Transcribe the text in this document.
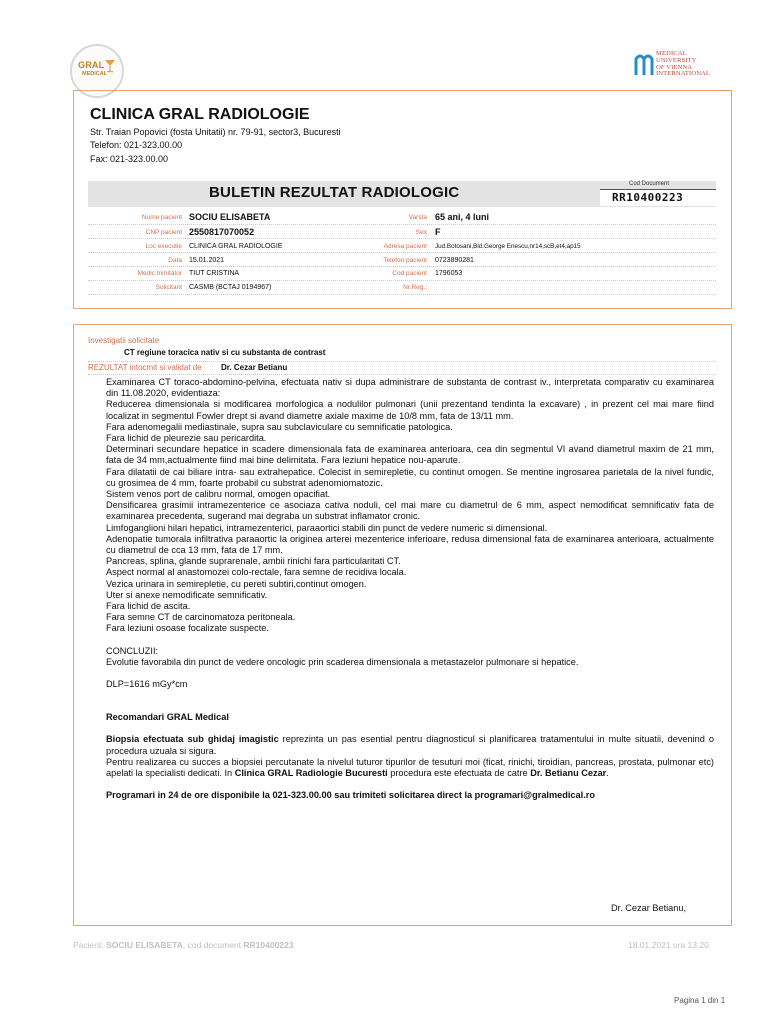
GRAL
MEDICAL
MEDICAL
UNIVERSITY
OF VIENNA
INTERNATIONAL
CLINICA GRAL RADIOLOGIE
Str. Traian Popovici (fosta Unitatii) nr. 79-91, sector3, Bucuresti
Telefon: 021-323.00.00
Fax: 021-323.00.00
BULETIN REZULTAT RADIOLOGIC	Cod Document
RR10400223
Nume pacient SOCIU ELISABETA	Varsta 65 ani, 4 luni
CNP pacient 2550817070052	Sex F
Loc executie CLINICA GRAL RADIOLOGIE	Adresa pacient Jud.Botosani,Bld.George Enescu,nr14,scB,et4,ap15
Data 15.01.2021	Telefon pacient 0723890281
Medic trimitator TIUT CRISTINA	Cod pacient 1796053
Solicitant CASMB (BCTAJ 0194967)	Nr.Reg.:
Investigatii solicitate
CT regiune toracica nativ si cu substanta de contrast
REZULTAT intocmit si validat de Dr. Cezar Betianu

Examinarea CT toraco-abdomino-pelvina, efectuata nativ si dupa administrare de substanta de contrast iv., interpretata comparativ cu examinarea din 11.08.2020, evidentiaza:

Reducerea dimensionala si modificarea morfologica a nodulilor pulmonari (unii prezentand tendinta la excavare) , in prezent cel mai mare fiind localizat in segmentul Fowler drept si avand diametre axiale maxime de 10/8 mm, fata de 13/11 mm.

Fara adenomegalii mediastinale, supra sau subclaviculare cu semnificatie patologica.

Fara lichid de pleurezie sau pericardita.

Determinari secundare hepatice in scadere dimensionala fata de examinarea anterioara, cea din segmentul VI avand diametrul maxim de 21 mm, fata de 34 mm,actualmente fiind mai bine delimitata. Fara leziuni hepatice nou-aparute.

Fara dilatatii de cai biliare intra- sau extrahepatice. Colecist in semirepletie, cu continut omogen. Se mentine ingrosarea parietala de la nivel fundic, cu grosimea de 4 mm, foarte probabil cu substrat adenomiomatozic.

Sistem venos port de calibru normal, omogen opacifiat.

Densificarea grasimii intramezenterice ce asociaza cativa noduli, cel mai mare cu diametrul de 6 mm, aspect nemodificat semnificativ fata de examinarea precedenta, sugerand mai degraba un substrat inflamator cronic.

Limfoganglioni hilari hepatici, intramezenterici, paraaortici stabili din punct de vedere numeric si dimensional.

Adenopatie tumorala infiltrativa paraaortic la originea arterei mezenterice inferioare, redusa dimensional fata de examinarea anterioara, actualmente cu diametrul de cca 13 mm, fata de 17 mm.

Pancreas, splina, glande suprarenale, ambii rinichi fara particularitati CT.

Aspect normal al anastomozei colo-rectale, fara semne de recidiva locala.

Vezica urinara in semirepletie, cu pereti subtiri,continut omogen.

Uter si anexe nemodificate semnificativ.

Fara lichid de ascita.

Fara semne CT de carcinomatoza peritoneala.

Fara leziuni osoase focalizate suspecte.

CONCLUZII:

Evolutie favorabila din punct de vedere oncologic prin scaderea dimensionala a metastazelor pulmonare si hepatice.

DLP=1616 mGy*cm

Recomandari GRAL Medical

Biopsia efectuata sub ghidaj imagistic reprezinta un pas esential pentru diagnosticul si planificarea tratamentului in multe situatii, devenind o procedura uzuala si sigura.

Pentru realizarea cu succes a biopsiei percutanate la nivelul tuturor tipurilor de tesuturi moi (ficat, rinichi, tiroidian, pancreas, prostata, pulmonar etc) apelati la specialisti dedicati. In Clinica GRAL Radiologie Bucuresti procedura este efectuata de catre Dr. Betianu Cezar.

Programari in 24 de ore disponibile la 021-323.00.00 sau trimiteti solicitarea direct la programari@gralmedical.ro

Dr. Cezar Betianu,
Pacient: SOCIU ELISABETA, cod document RR10400223	18.01.2021 ora 13:20
Pagina 1 din 1
